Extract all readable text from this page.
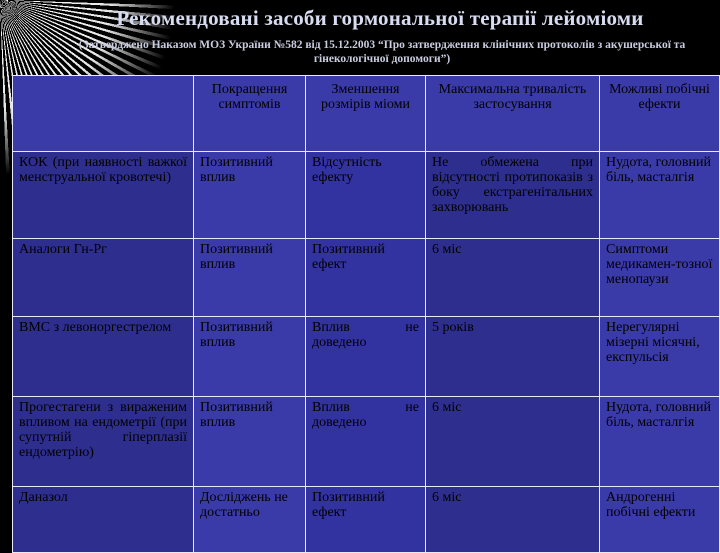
Рекомендовані засоби гормональної терапії лейоміоми

(Затверджено Наказом МОЗ України №582 від 15.12.2003 “Про затвердження клінічних протоколів з акушерської та гінекологічної допомоги”)

	Покращення симптомів	Зменшення розмірів міоми	Максимальна тривалість застосування	Можливі побічні ефекти
КОК (при наявності важкої менструальної кровотечі)	Позитивний вплив	Відсутність ефекту	Не обмежена при відсутності протипоказів з боку екстрагенітальних захворювань	Нудота, головний біль, масталгія
Аналоги Гн-Рг	Позитивний вплив	Позитивний ефект	6 міс	Симптоми медикамен-тозної менопаузи
ВМС з левоноргестрелом	Позитивний вплив	Вплив не доведено	5 років	Нерегулярні мізерні місячні, експульсія
Прогестагени з вираженим впливом на ендометрії (при супутній гіперплазії ендометрію)	Позитивний вплив	Вплив не доведено	6 міс	Нудота, головний біль, масталгія
Даназол	Досліджень не достатньо	Позитивний ефект	6 міс	Андрогенні побічні ефекти
